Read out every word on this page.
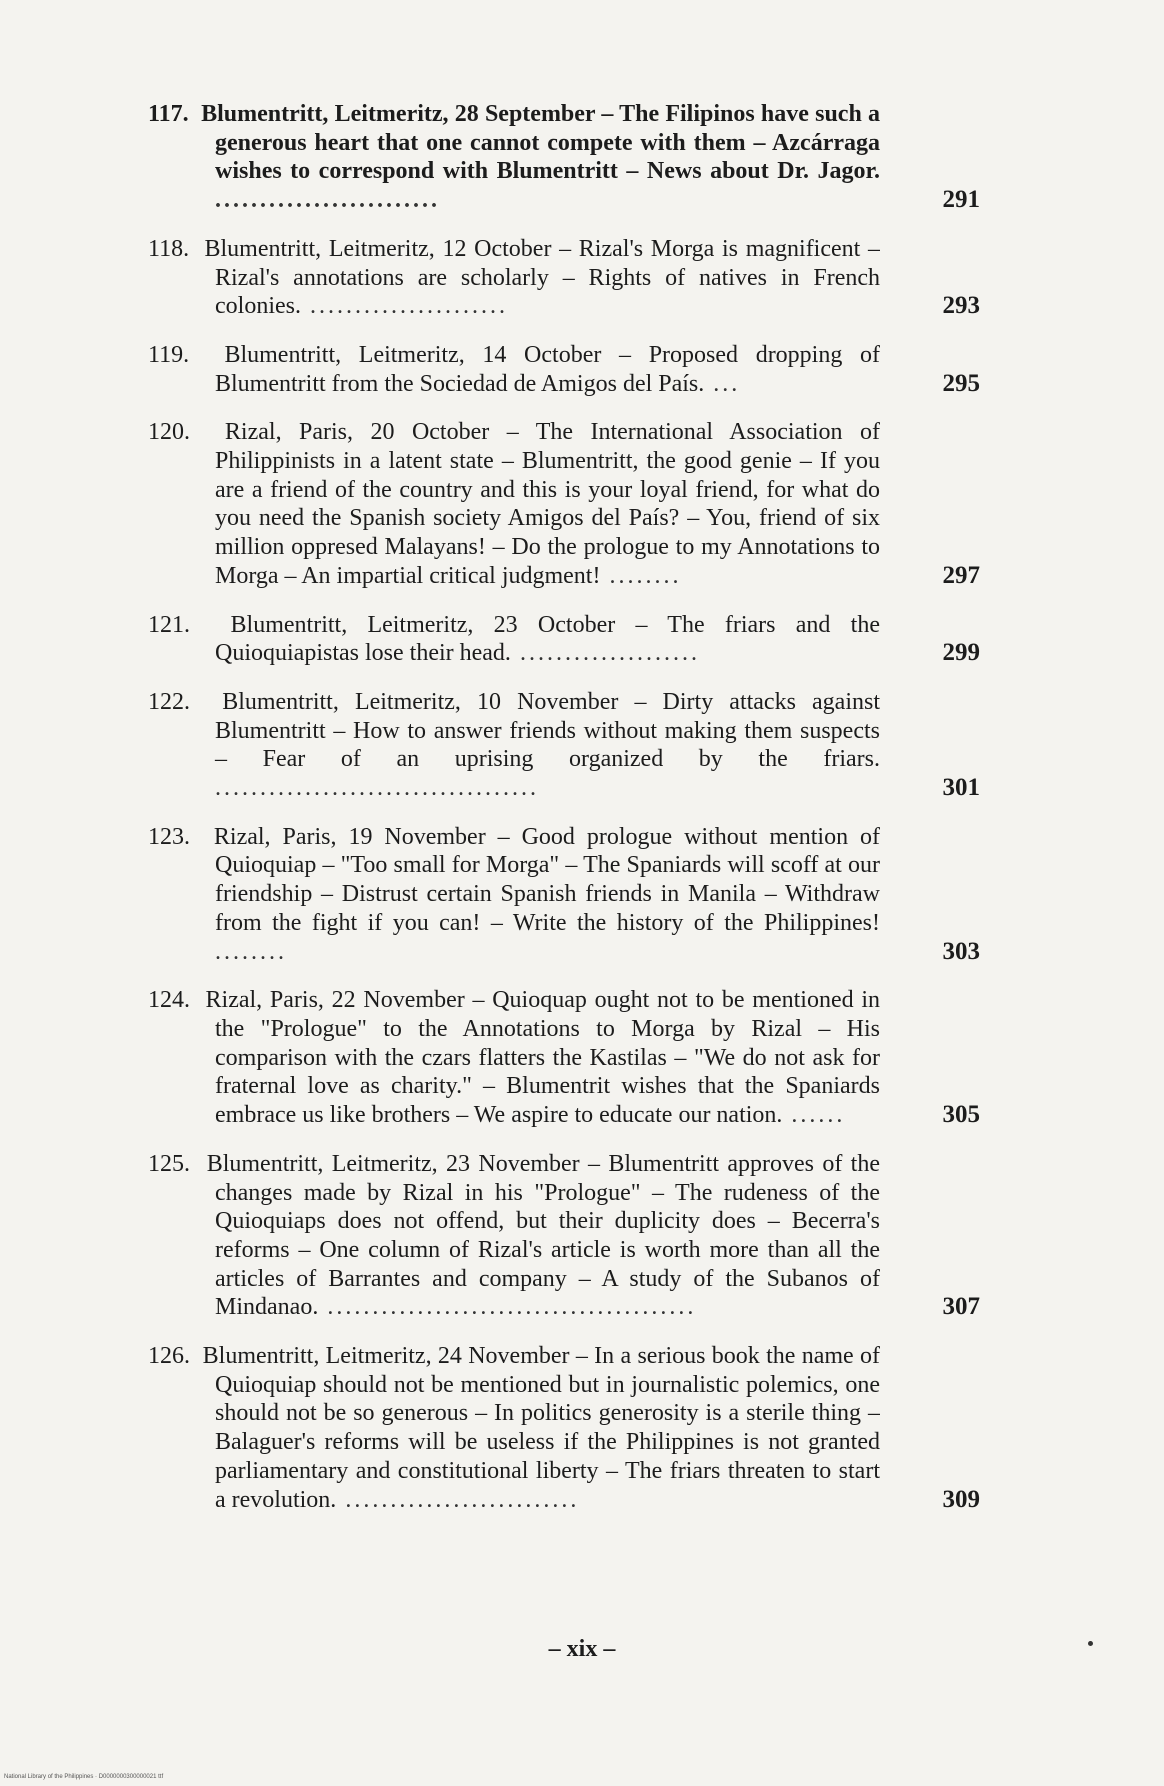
117. Blumentritt, Leitmeritz, 28 September – The Filipinos have such a generous heart that one cannot compete with them – Azcárraga wishes to correspond with Blumentritt – News about Dr. Jagor. .........................	291
118. Blumentritt, Leitmeritz, 12 October – Rizal's Morga is magnificent – Rizal's annotations are scholarly – Rights of natives in French colonies. ......................	293
119. Blumentritt, Leitmeritz, 14 October – Proposed dropping of Blumentritt from the Sociedad de Amigos del País. ...	295
120. Rizal, Paris, 20 October – The International Association of Philippinists in a latent state – Blumentritt, the good genie – If you are a friend of the country and this is your loyal friend, for what do you need the Spanish society Amigos del País? – You, friend of six million oppresed Malayans! – Do the prologue to my Annotations to Morga – An impartial critical judgment! ........	297
121. Blumentritt, Leitmeritz, 23 October – The friars and the Quioquiapistas lose their head. ....................	299
122. Blumentritt, Leitmeritz, 10 November – Dirty attacks against Blumentritt – How to answer friends without making them suspects – Fear of an uprising organized by the friars. ....................................	301
123. Rizal, Paris, 19 November – Good prologue without mention of Quioquiap – "Too small for Morga" – The Spaniards will scoff at our friendship – Distrust certain Spanish friends in Manila – Withdraw from the fight if you can! – Write the history of the Philippines! ........	303
124. Rizal, Paris, 22 November – Quioquap ought not to be mentioned in the "Prologue" to the Annotations to Morga by Rizal – His comparison with the czars flatters the Kastilas – "We do not ask for fraternal love as charity." – Blumentrit wishes that the Spaniards embrace us like brothers – We aspire to educate our nation. ......	305
125. Blumentritt, Leitmeritz, 23 November – Blumentritt approves of the changes made by Rizal in his "Prologue" – The rudeness of the Quioquiaps does not offend, but their duplicity does – Becerra's reforms – One column of Rizal's article is worth more than all the articles of Barrantes and company – A study of the Subanos of Mindanao. .........................................	307
126. Blumentritt, Leitmeritz, 24 November – In a serious book the name of Quioquiap should not be mentioned but in journalistic polemics, one should not be so generous – In politics generosity is a sterile thing – Balaguer's reforms will be useless if the Philippines is not granted parliamentary and constitutional liberty – The friars threaten to start a revolution. ..........................	309
– xix –
National Library of the Philippines · D0000000300000021 ttf
